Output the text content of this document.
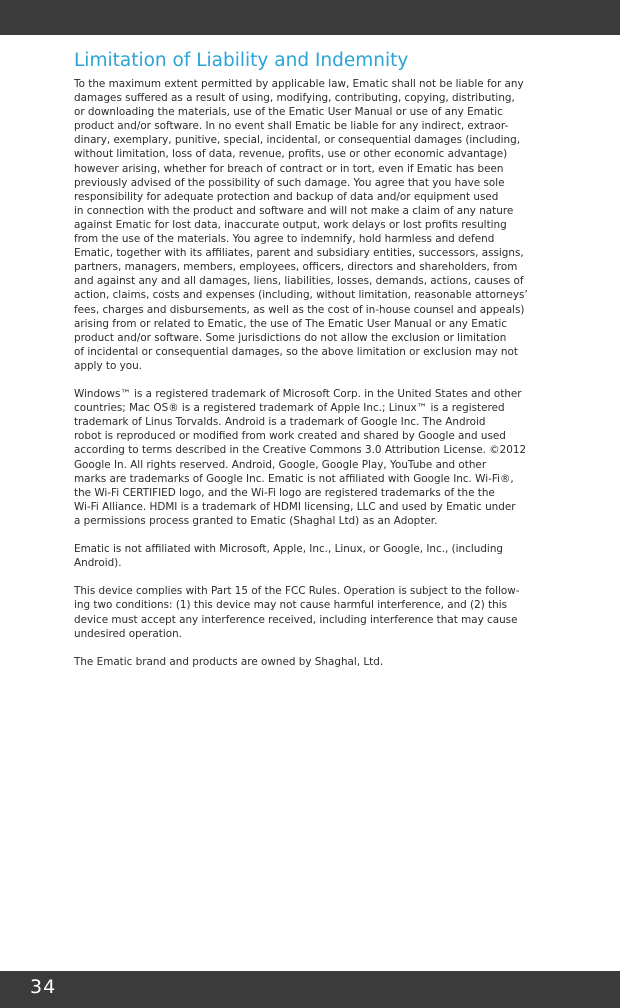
Limitation of Liability and Indemnity

To the maximum extent permitted by applicable law, Ematic shall not be liable for any
damages suffered as a result of using, modifying, contributing, copying, distributing,
or downloading the materials, use of the Ematic User Manual or use of any Ematic
product and/or software. In no event shall Ematic be liable for any indirect, extraor-
dinary, exemplary, punitive, special, incidental, or consequential damages (including,
without limitation, loss of data, revenue, profits, use or other economic advantage)
however arising, whether for breach of contract or in tort, even if Ematic has been
previously advised of the possibility of such damage. You agree that you have sole
responsibility for adequate protection and backup of data and/or equipment used
in connection with the product and software and will not make a claim of any nature
against Ematic for lost data, inaccurate output, work delays or lost profits resulting
from the use of the materials. You agree to indemnify, hold harmless and defend
Ematic, together with its affiliates, parent and subsidiary entities, successors, assigns,
partners, managers, members, employees, officers, directors and shareholders, from
and against any and all damages, liens, liabilities, losses, demands, actions, causes of
action, claims, costs and expenses (including, without limitation, reasonable attorneys’
fees, charges and disbursements, as well as the cost of in-house counsel and appeals)
arising from or related to Ematic, the use of The Ematic User Manual or any Ematic
product and/or software. Some jurisdictions do not allow the exclusion or limitation
of incidental or consequential damages, so the above limitation or exclusion may not
apply to you.

Windows™ is a registered trademark of Microsoft Corp. in the United States and other
countries; Mac OS® is a registered trademark of Apple Inc.; Linux™ is a registered
trademark of Linus Torvalds. Android is a trademark of Google Inc. The Android
robot is reproduced or modified from work created and shared by Google and used
according to terms described in the Creative Commons 3.0 Attribution License. ©2012
Google In. All rights reserved. Android, Google, Google Play, YouTube and other
marks are trademarks of Google Inc. Ematic is not affiliated with Google Inc. Wi-Fi®,
the Wi-Fi CERTIFIED logo, and the Wi-Fi logo are registered trademarks of the the
Wi-Fi Alliance. HDMI is a trademark of HDMI licensing, LLC and used by Ematic under
a permissions process granted to Ematic (Shaghal Ltd) as an Adopter.

Ematic is not affiliated with Microsoft, Apple, Inc., Linux, or Google, Inc., (including
Android).

This device complies with Part 15 of the FCC Rules. Operation is subject to the follow-
ing two conditions: (1) this device may not cause harmful interference, and (2) this
device must accept any interference received, including interference that may cause
undesired operation.

The Ematic brand and products are owned by Shaghal, Ltd.

34
